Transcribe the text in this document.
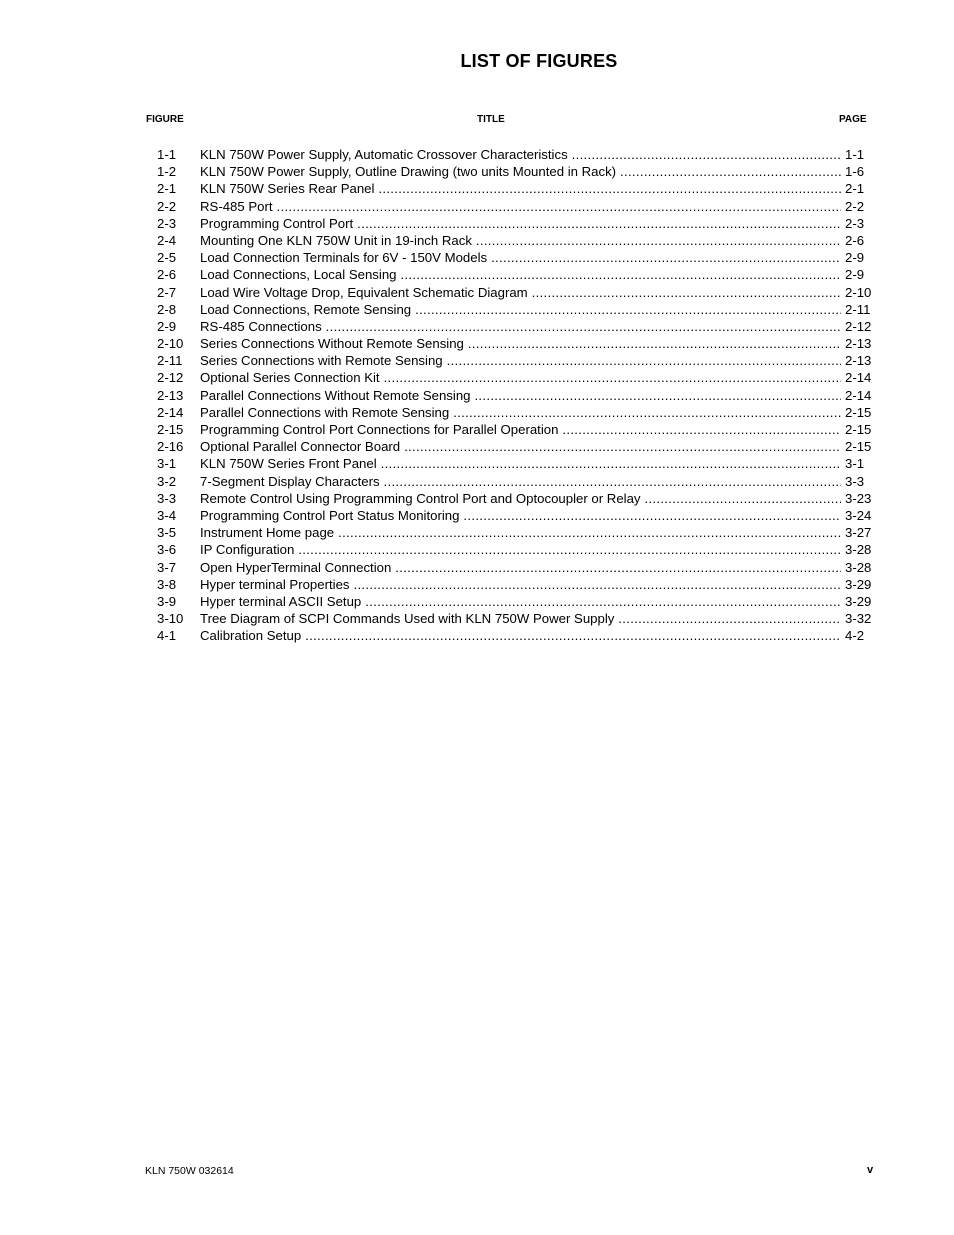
LIST OF FIGURES
FIGURE	TITLE	PAGE
1-1 KLN 750W Power Supply, Automatic Crossover Characteristics .....	1-1
1-2 KLN 750W Power Supply, Outline Drawing (two units Mounted in Rack) .....	1-6
2-1 KLN 750W Series Rear Panel .....	2-1
2-2 RS-485 Port .....	2-2
2-3 Programming Control Port .....	2-3
2-4 Mounting One KLN 750W Unit in 19-inch Rack .....	2-6
2-5 Load Connection Terminals for 6V - 150V Models .....	2-9
2-6 Load Connections, Local Sensing .....	2-9
2-7 Load Wire Voltage Drop, Equivalent Schematic Diagram .....	2-10
2-8 Load Connections, Remote Sensing .....	2-11
2-9 RS-485 Connections .....	2-12
2-10 Series Connections Without Remote Sensing .....	2-13
2-11 Series Connections with Remote Sensing .....	2-13
2-12 Optional Series Connection Kit .....	2-14
2-13 Parallel Connections Without Remote Sensing .....	2-14
2-14 Parallel Connections with Remote Sensing .....	2-15
2-15 Programming Control Port Connections for Parallel Operation .....	2-15
2-16 Optional Parallel Connector Board .....	2-15
3-1 KLN 750W Series Front Panel .....	3-1
3-2 7-Segment Display Characters .....	3-3
3-3 Remote Control Using Programming Control Port and Optocoupler or Relay .....	3-23
3-4 Programming Control Port Status Monitoring .....	3-24
3-5 Instrument Home page .....	3-27
3-6 IP Configuration .....	3-28
3-7 Open HyperTerminal Connection .....	3-28
3-8 Hyper terminal Properties .....	3-29
3-9 Hyper terminal ASCII Setup .....	3-29
3-10 Tree Diagram of SCPI Commands Used with KLN 750W Power Supply .....	3-32
4-1 Calibration Setup .....	4-2
KLN 750W 032614	v
